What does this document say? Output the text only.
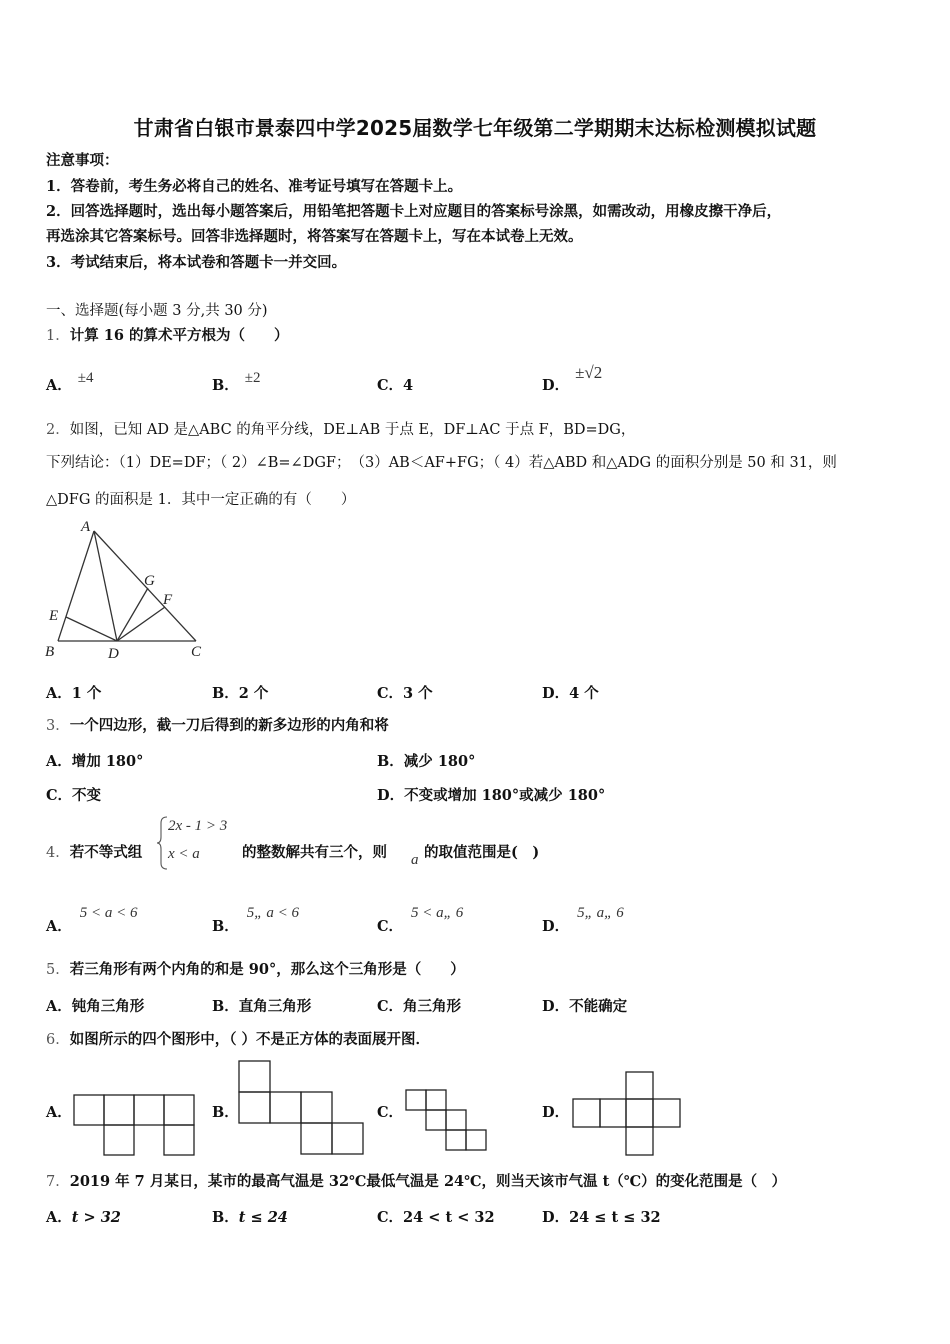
甘肃省白银市景泰四中学2025届数学七年级第二学期期末达标检测模拟试题
注意事项：
1．答卷前，考生务必将自己的姓名、准考证号填写在答题卡上。
2．回答选择题时，选出每小题答案后，用铅笔把答题卡上对应题目的答案标号涂黑，如需改动，用橡皮擦干净后，
再选涂其它答案标号。回答非选择题时，将答案写在答题卡上，写在本试卷上无效。
3．考试结束后，将本试卷和答题卡一并交回。
一、选择题(每小题 3 分,共 30 分)
1．计算 16 的算术平方根为（　　）
A． ±4	B． ±2	C．4	D．±√2
2．如图，已知 AD 是△ABC 的角平分线，DE⊥AB 于点 E，DF⊥AC 于点 F，BD=DG，
下列结论：（1）DE=DF；（ 2）∠B=∠DGF；　（3）AB＜AF+FG；（ 4）若△ABD 和△ADG 的面积分别是 50 和 31，则
△DFG 的面积是 1．其中一定正确的有（　　）
A
G
F
E
B	D	C
A．1 个	B．2 个	C．3 个	D．4 个
3．一个四边形，截一刀后得到的新多边形的内角和将
A．增加 180°	B．减少 180°
C．不变	D．不变或增加 180°或减少 180°
4．若不等式组
2x - 1 > 3
x < a	的整数解共有三个，则 a 的取值范围是(　)
A．5 < a < 6
B．5„ a < 6
C．5 < a„ 6
D．5„ a„ 6
5．若三角形有两个内角的和是 90°，那么这个三角形是（　　）
A．钝角三角形	B．直角三角形	C．角三角形	D．不能确定
6．如图所示的四个图形中，（ ）不是正方体的表面展开图．
A．	B．	C．	D．
7．2019 年 7 月某日，某市的最高气温是 32℃最低气温是 24℃，则当天该市气温 t（℃）的变化范围是（　）
A．t > 32	B．t ≤ 24	C．24 < t < 32	D．24 ≤ t ≤ 32
